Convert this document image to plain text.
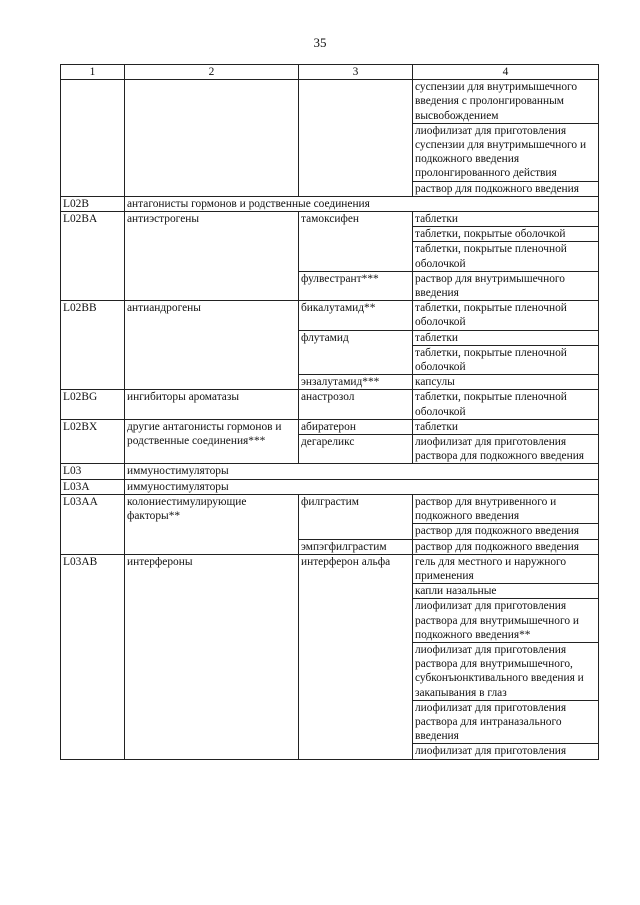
35
1	2	3	4
			суспензии для внутримышечного введения с пролонгированным высвобождением
			лиофилизат для приготовления суспензии для внутримышечного и подкожного введения пролонгированного действия
			раствор для подкожного введения
L02B	антагонисты гормонов и родственные соединения		
L02BA	антиэстрогены	тамоксифен	таблетки
			таблетки, покрытые оболочкой
			таблетки, покрытые пленочной оболочкой
		фулвестрант***	раствор для внутримышечного введения
L02BB	антиандрогены	бикалутамид**	таблетки, покрытые пленочной оболочкой
		флутамид	таблетки
			таблетки, покрытые пленочной оболочкой
		энзалутамид***	капсулы
L02BG	ингибиторы ароматазы	анастрозол	таблетки, покрытые пленочной оболочкой
L02BX	другие антагонисты гормонов и родственные соединения***	абиратерон	таблетки
		дегареликс	лиофилизат для приготовления раствора для подкожного введения
L03	иммуностимуляторы		
L03A	иммуностимуляторы		
L03AA	колониестимулирующие факторы**	филграстим	раствор для внутривенного и подкожного введения
			раствор для подкожного введения
		эмпэгфилграстим	раствор для подкожного введения
L03AB	интерфероны	интерферон альфа	гель для местного и наружного применения
			капли назальные
			лиофилизат для приготовления раствора для внутримышечного и подкожного введения**
			лиофилизат для приготовления раствора для внутримышечного, субконъюнктивального введения и закапывания в глаз
			лиофилизат для приготовления раствора для интраназального введения
			лиофилизат для приготовления
